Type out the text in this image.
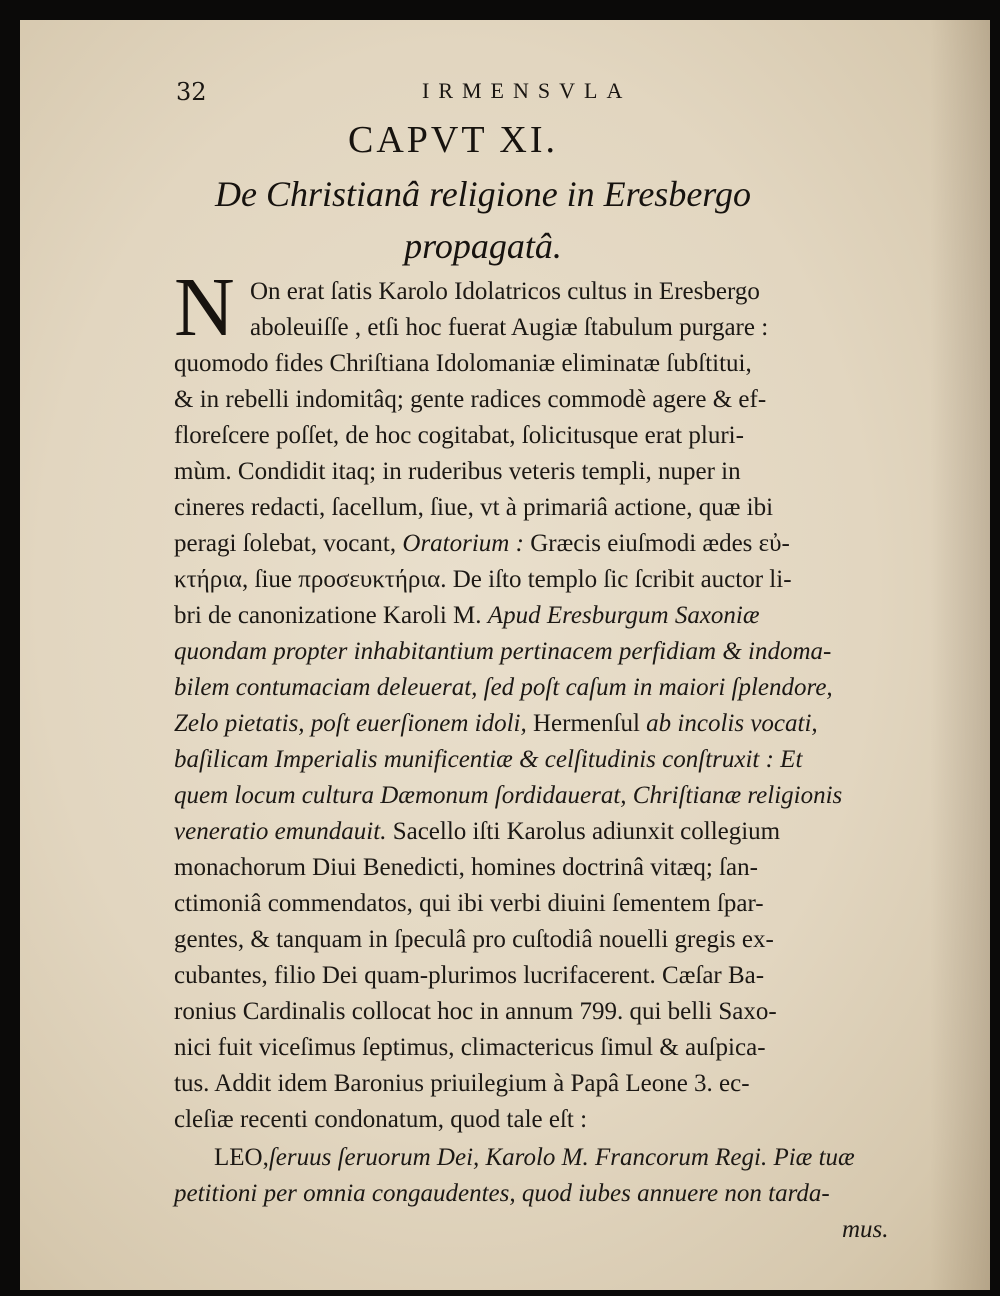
32	IRMENSVLA
CAPVT XI.
De Christianâ religione in Eresbergo
propagatâ.
N On erat ſatis Karolo Idolatricos cultus in Eresbergo
aboleuiſſe , etſi hoc fuerat Augiæ ſtabulum purgare :
quomodo fides Chriſtiana Idolomaniæ eliminatæ ſubſtitui,
& in rebelli indomitâq; gente radices commodè agere & ef-
floreſcere poſſet, de hoc cogitabat, ſolicitusque erat pluri-
mùm. Condidit itaq; in ruderibus veteris templi, nuper in
cineres redacti, ſacellum, ſiue, vt à primariâ actione, quæ ibi
peragi ſolebat, vocant, Oratorium : Græcis eiuſmodi ædes εὐ-
κτήρια, ſiue προσευκτήρια. De iſto templo ſic ſcribit auctor li-
bri de canonizatione Karoli M. Apud Eresburgum Saxoniæ
quondam propter inhabitantium pertinacem perfidiam & indoma-
bilem contumaciam deleuerat, ſed poſt caſum in maiori ſplendore,
Zelo pietatis, poſt euerſionem idoli, Hermenſul ab incolis vocati,
baſilicam Imperialis munificentiæ & celſitudinis conſtruxit : Et
quem locum cultura Dæmonum ſordidauerat, Chriſtianæ religionis
veneratio emundauit. Sacello iſti Karolus adiunxit collegium
monachorum Diui Benedicti, homines doctrinâ vitæq; ſan-
ctimoniâ commendatos, qui ibi verbi diuini ſementem ſpar-
gentes, & tanquam in ſpeculâ pro cuſtodiâ nouelli gregis ex-
cubantes, filio Dei quam-plurimos lucrifacerent. Cæſar Ba-
ronius Cardinalis collocat hoc in annum 799. qui belli Saxo-
nici fuit viceſimus ſeptimus, climactericus ſimul & auſpica-
tus. Addit idem Baronius priuilegium à Papâ Leone 3. ec-
cleſiæ recenti condonatum, quod tale eſt :
LEO,ſeruus ſeruorum Dei, Karolo M. Francorum Regi. Piæ tuæ
petitioni per omnia congaudentes, quod iubes annuere non tarda-
mus.
